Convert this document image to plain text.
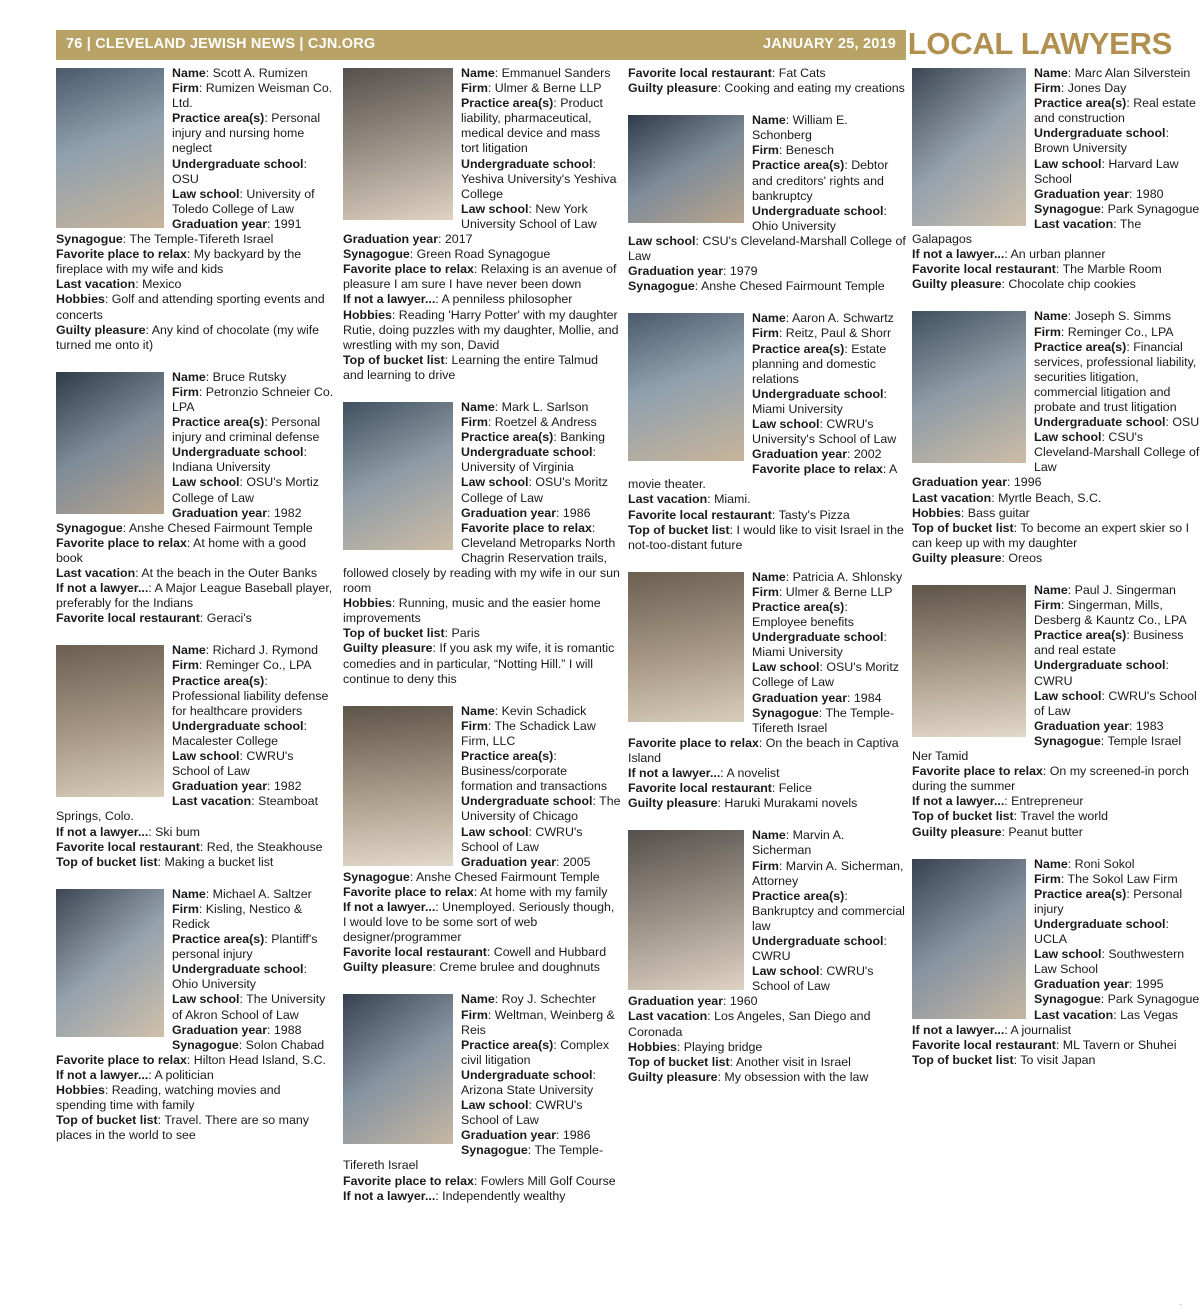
76 | CLEVELAND JEWISH NEWS | CJN.ORG	JANUARY 25, 2019 LOCAL LAWYERS
Name: Scott A. Rumizen
Firm: Rumizen Weisman Co. Ltd.
Practice area(s): Personal injury and nursing home neglect
Undergraduate school: OSU
Law school: University of Toledo College of Law
Graduation year: 1991
Synagogue: The Temple-Tifereth Israel
Favorite place to relax: My backyard by the fireplace with my wife and kids
Last vacation: Mexico
Hobbies: Golf and attending sporting events and concerts
Guilty pleasure: Any kind of chocolate (my wife turned me onto it)
Name: Bruce Rutsky
Firm: Petronzio Schneier Co. LPA
Practice area(s): Personal injury and criminal defense
Undergraduate school: Indiana University
Law school: OSU's Mortiz College of Law
Graduation year: 1982
Synagogue: Anshe Chesed Fairmount Temple
Favorite place to relax: At home with a good book
Last vacation: At the beach in the Outer Banks
If not a lawyer...: A Major League Baseball player, preferably for the Indians
Favorite local restaurant: Geraci's
Name: Richard J. Rymond
Firm: Reminger Co., LPA
Practice area(s): Professional liability defense for healthcare providers
Undergraduate school: Macalester College
Law school: CWRU's School of Law
Graduation year: 1982
Last vacation: Steamboat Springs, Colo.
If not a lawyer...: Ski bum
Favorite local restaurant: Red, the Steakhouse
Top of bucket list: Making a bucket list
Name: Michael A. Saltzer
Firm: Kisling, Nestico & Redick
Practice area(s): Plantiff's personal injury
Undergraduate school: Ohio University
Law school: The University of Akron School of Law
Graduation year: 1988
Synagogue: Solon Chabad
Favorite place to relax: Hilton Head Island, S.C.
If not a lawyer...: A politician
Hobbies: Reading, watching movies and spending time with family
Top of bucket list: Travel. There are so many places in the world to see
Name: Emmanuel Sanders
Firm: Ulmer & Berne LLP
Practice area(s): Product liability, pharmaceutical, medical device and mass tort litigation
Undergraduate school: Yeshiva University's Yeshiva College
Law school: New York University School of Law
Graduation year: 2017
Synagogue: Green Road Synagogue
Favorite place to relax: Relaxing is an avenue of pleasure I am sure I have never been down
If not a lawyer...: A penniless philosopher
Hobbies: Reading 'Harry Potter' with my daughter Rutie, doing puzzles with my daughter, Mollie, and wrestling with my son, David
Top of bucket list: Learning the entire Talmud and learning to drive
Name: Mark L. Sarlson
Firm: Roetzel & Andress
Practice area(s): Banking
Undergraduate school: University of Virginia
Law school: OSU's Moritz College of Law
Graduation year: 1986
Favorite place to relax: Cleveland Metroparks North Chagrin Reservation trails, followed closely by reading with my wife in our sun room
Hobbies: Running, music and the easier home improvements
Top of bucket list: Paris
Guilty pleasure: If you ask my wife, it is romantic comedies and in particular, “Notting Hill.” I will continue to deny this
Name: Kevin Schadick
Firm: The Schadick Law Firm, LLC
Practice area(s): Business/corporate formation and transactions
Undergraduate school: The University of Chicago
Law school: CWRU's School of Law
Graduation year: 2005
Synagogue: Anshe Chesed Fairmount Temple
Favorite place to relax: At home with my family
If not a lawyer...: Unemployed. Seriously though, I would love to be some sort of web designer/programmer
Favorite local restaurant: Cowell and Hubbard
Guilty pleasure: Creme brulee and doughnuts
Name: Roy J. Schechter
Firm: Weltman, Weinberg & Reis
Practice area(s): Complex civil litigation
Undergraduate school: Arizona State University
Law school: CWRU's School of Law
Graduation year: 1986
Synagogue: The Temple-Tifereth Israel
Favorite place to relax: Fowlers Mill Golf Course
If not a lawyer...: Independently wealthy
Favorite local restaurant: Fat Cats
Guilty pleasure: Cooking and eating my creations
Name: William E. Schonberg
Firm: Benesch
Practice area(s): Debtor and creditors' rights and bankruptcy
Undergraduate school: Ohio University
Law school: CSU's Cleveland-Marshall College of Law
Graduation year: 1979
Synagogue: Anshe Chesed Fairmount Temple
Name: Aaron A. Schwartz
Firm: Reitz, Paul & Shorr
Practice area(s): Estate planning and domestic relations
Undergraduate school: Miami University
Law school: CWRU's University's School of Law
Graduation year: 2002
Favorite place to relax: A movie theater.
Last vacation: Miami.
Favorite local restaurant: Tasty's Pizza
Top of bucket list: I would like to visit Israel in the not-too-distant future
Name: Patricia A. Shlonsky
Firm: Ulmer & Berne LLP
Practice area(s): Employee benefits
Undergraduate school: Miami University
Law school: OSU's Moritz College of Law
Graduation year: 1984
Synagogue: The Temple-Tifereth Israel
Favorite place to relax: On the beach in Captiva Island
If not a lawyer...: A novelist
Favorite local restaurant: Felice
Guilty pleasure: Haruki Murakami novels
Name: Marvin A. Sicherman
Firm: Marvin A. Sicherman, Attorney
Practice area(s): Bankruptcy and commercial law
Undergraduate school: CWRU
Law school: CWRU's School of Law
Graduation year: 1960
Last vacation: Los Angeles, San Diego and Coronada
Hobbies: Playing bridge
Top of bucket list: Another visit in Israel
Guilty pleasure: My obsession with the law
Name: Marc Alan Silverstein
Firm: Jones Day
Practice area(s): Real estate and construction
Undergraduate school: Brown University
Law school: Harvard Law School
Graduation year: 1980
Synagogue: Park Synagogue
Last vacation: The Galapagos
If not a lawyer...: An urban planner
Favorite local restaurant: The Marble Room
Guilty pleasure: Chocolate chip cookies
Name: Joseph S. Simms
Firm: Reminger Co., LPA
Practice area(s): Financial services, professional liability, securities litigation, commercial litigation and probate and trust litigation
Undergraduate school: OSU
Law school: CSU's Cleveland-Marshall College of Law
Graduation year: 1996
Last vacation: Myrtle Beach, S.C.
Hobbies: Bass guitar
Top of bucket list: To become an expert skier so I can keep up with my daughter
Guilty pleasure: Oreos
Name: Paul J. Singerman
Firm: Singerman, Mills, Desberg & Kauntz Co., LPA
Practice area(s): Business and real estate
Undergraduate school: CWRU
Law school: CWRU's School of Law
Graduation year: 1983
Synagogue: Temple Israel Ner Tamid
Favorite place to relax: On my screened-in porch during the summer
If not a lawyer...: Entrepreneur
Top of bucket list: Travel the world
Guilty pleasure: Peanut butter
Name: Roni Sokol
Firm: The Sokol Law Firm
Practice area(s): Personal injury
Undergraduate school: UCLA
Law school: Southwestern Law School
Graduation year: 1995
Synagogue: Park Synagogue
Last vacation: Las Vegas
If not a lawyer...: A journalist
Favorite local restaurant: ML Tavern or Shuhei
Top of bucket list: To visit Japan
.
